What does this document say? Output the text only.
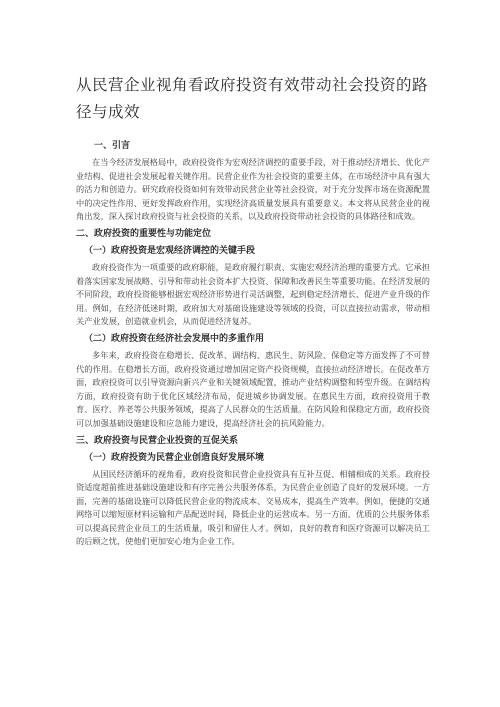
从民营企业视角看政府投资有效带动社会投资的路径与成效
一、引言

在当今经济发展格局中，政府投资作为宏观经济调控的重要手段，对于推动经济增长、优化产业结构、促进社会发展起着关键作用。民营企业作为社会投资的重要主体，在市场经济中具有强大的活力和创造力。研究政府投资如何有效带动民营企业等社会投资，对于充分发挥市场在资源配置中的决定性作用、更好发挥政府作用，实现经济高质量发展具有重要意义。本文将从民营企业的视角出发，深入探讨政府投资与社会投资的关系，以及政府投资带动社会投资的具体路径和成效。

二、政府投资的重要性与功能定位
（一）政府投资是宏观经济调控的关键手段

政府投资作为一项重要的政府职能，是政府履行职责、实施宏观经济治理的重要方式。它承担着落实国家发展战略、引导和带动社会资本扩大投资、保障和改善民生等重要功能。在经济发展的不同阶段，政府投资能够根据宏观经济形势进行灵活调整，起到稳定经济增长、促进产业升级的作用。例如，在经济低迷时期，政府加大对基础设施建设等领域的投资，可以直接拉动需求，带动相关产业发展，创造就业机会，从而促进经济复苏。

（二）政府投资在经济社会发展中的多重作用

多年来，政府投资在稳增长、促改革、调结构、惠民生、防风险、保稳定等方面发挥了不可替代的作用。在稳增长方面，政府投资通过增加固定资产投资规模，直接拉动经济增长。在促改革方面，政府投资可以引导资源向新兴产业和关键领域配置，推动产业结构调整和转型升级。在调结构方面，政府投资有助于优化区域经济布局，促进城乡协调发展。在惠民生方面，政府投资用于教育、医疗、养老等公共服务领域，提高了人民群众的生活质量。在防风险和保稳定方面，政府投资可以加强基础设施建设和应急能力建设，提高经济社会的抗风险能力。

三、政府投资与民营企业投资的互促关系
（一）政府投资为民营企业创造良好发展环境

从国民经济循环的视角看，政府投资和民营企业投资具有互补互促、相辅相成的关系。政府投资适度超前推进基础设施建设和有序完善公共服务体系，为民营企业创造了良好的发展环境。一方面，完善的基础设施可以降低民营企业的物流成本、交易成本，提高生产效率。例如，便捷的交通网络可以缩短原材料运输和产品配送时间，降低企业的运营成本。另一方面，优质的公共服务体系可以提高民营企业员工的生活质量，吸引和留住人才。例如，良好的教育和医疗资源可以解决员工的后顾之忧，使他们更加安心地为企业工作。
